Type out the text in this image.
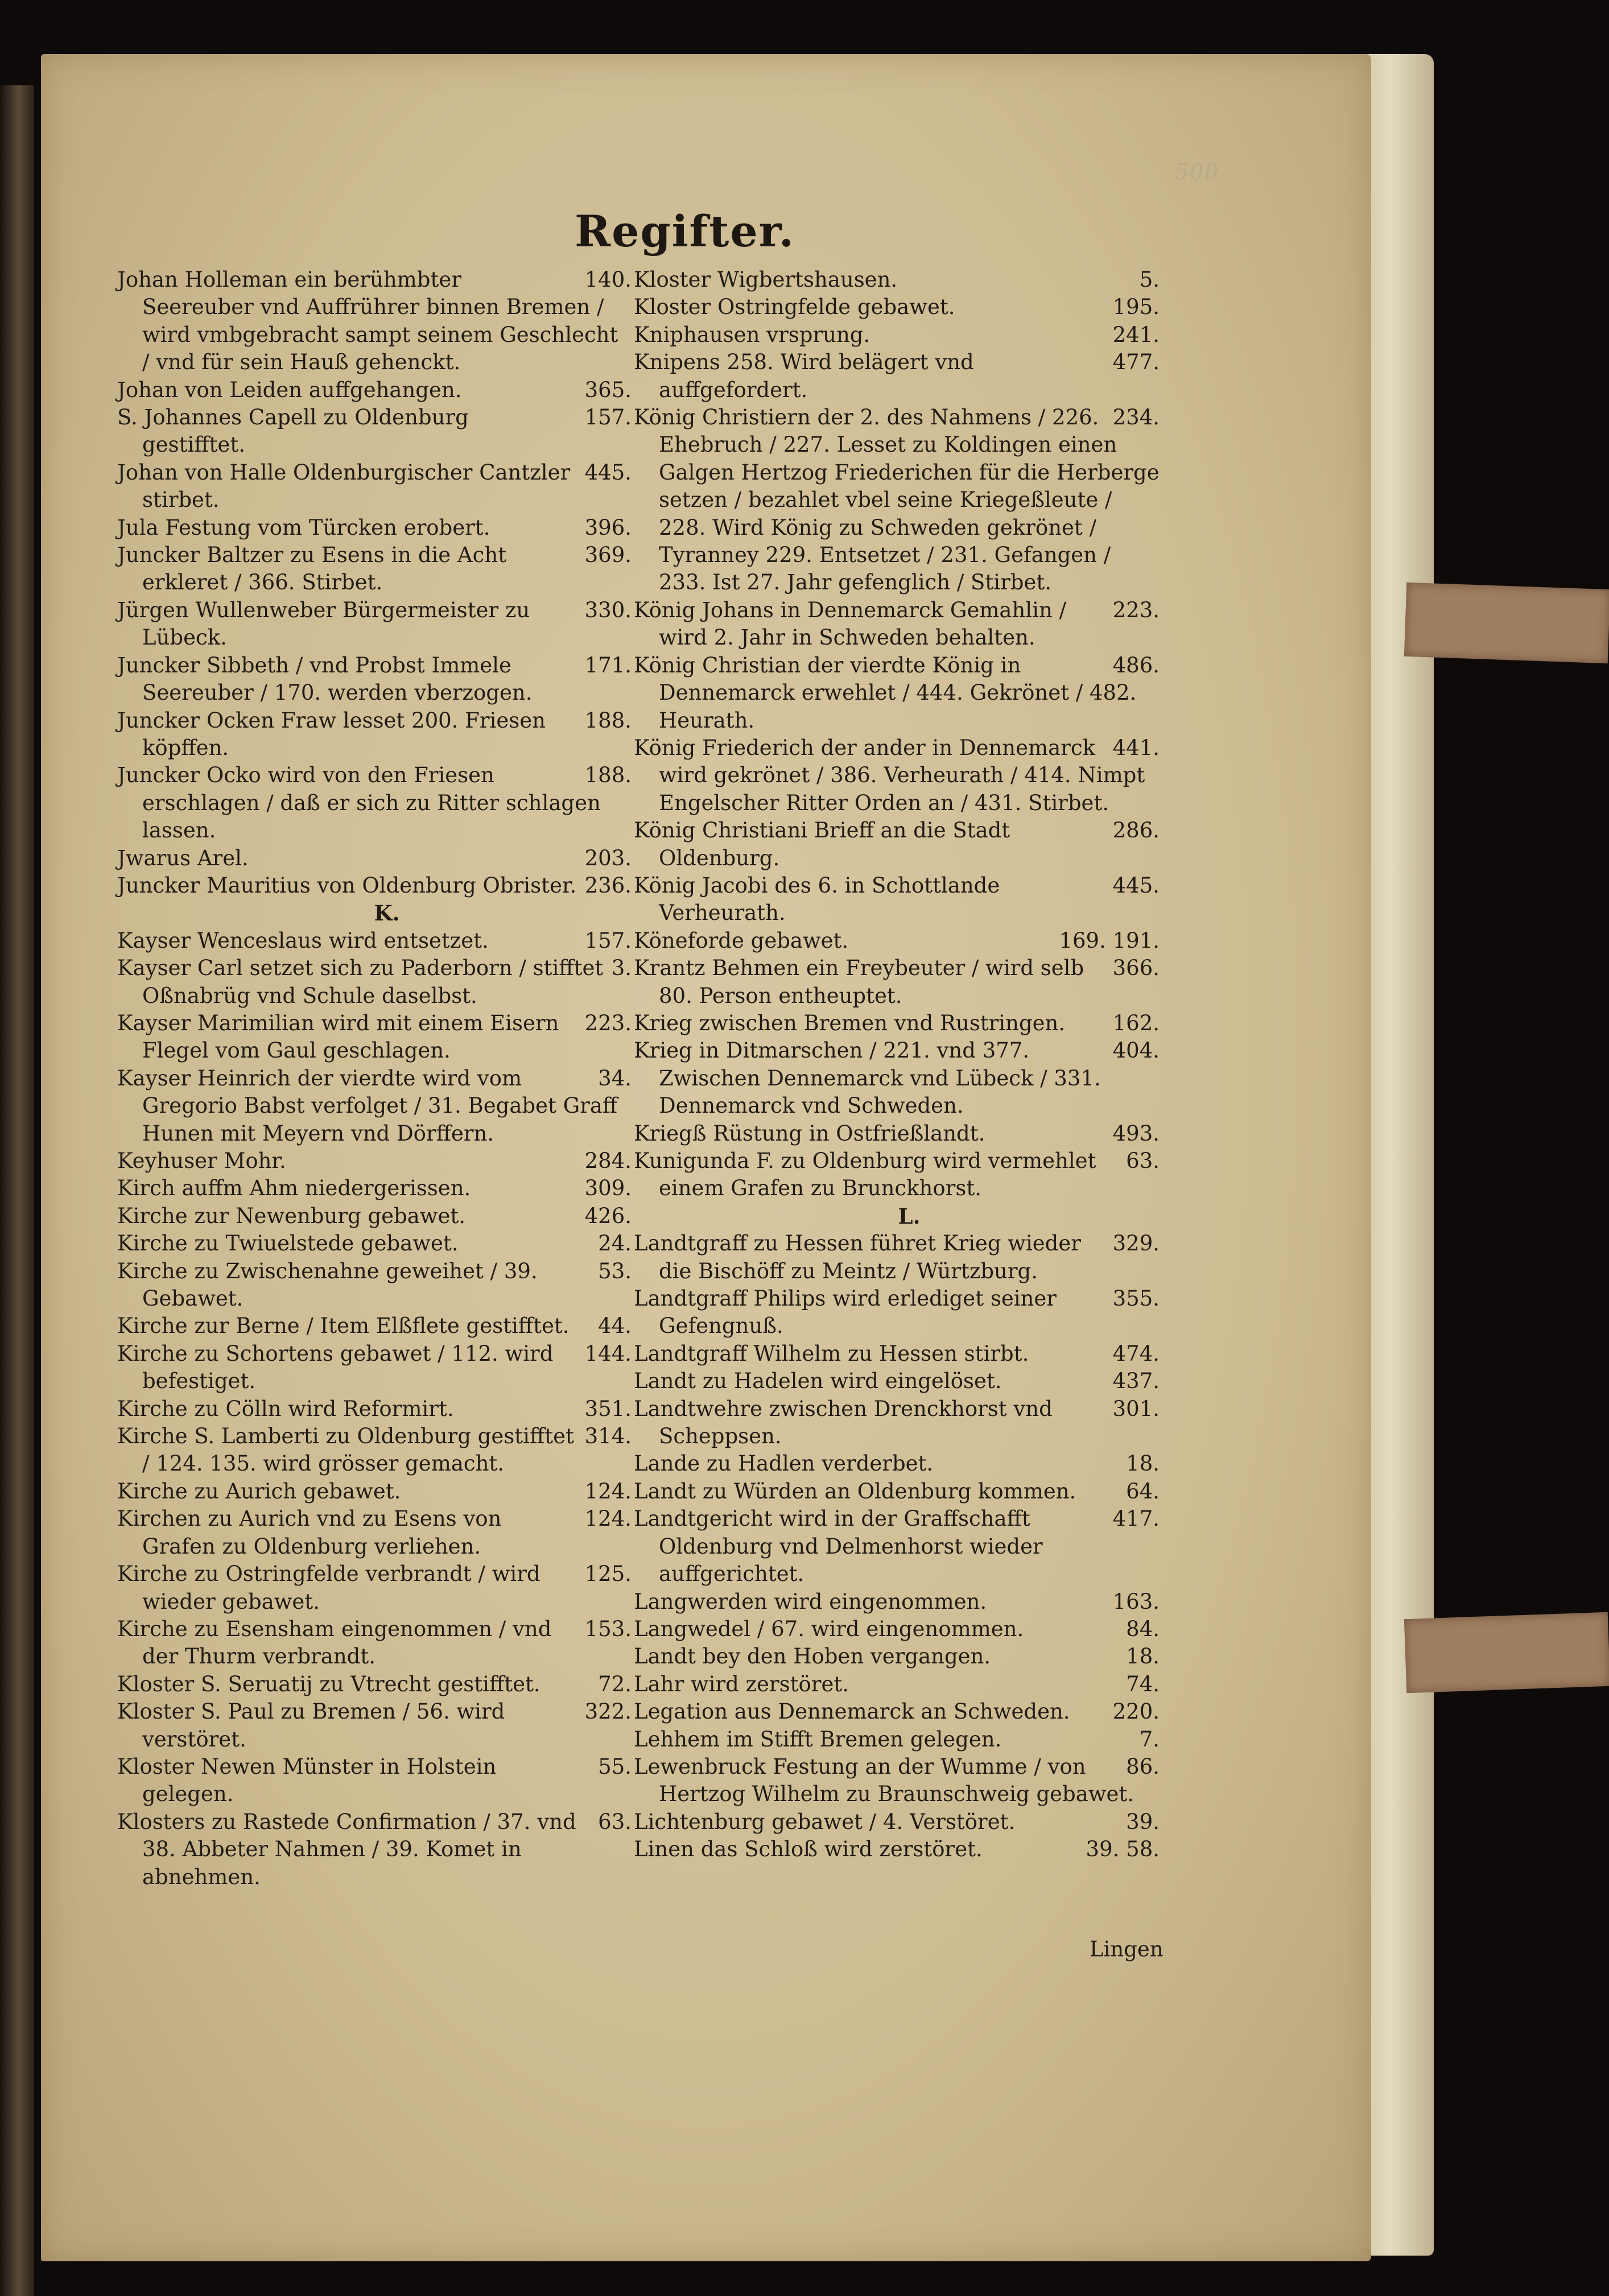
500
Regifter.
140.
Johan Holleman ein berühmbter Seereuber vnd Auffrührer binnen Bremen / wird vmbgebracht sampt seinem Geschlecht / vnd für sein Hauß gehenckt.
365.
Johan von Leiden auffgehangen.
157.
S. Johannes Capell zu Oldenburg gestifftet.
445.
Johan von Halle Oldenburgischer Cantzler stirbet.
396.
Jula Festung vom Türcken erobert.
369.
Juncker Baltzer zu Esens in die Acht erkleret / 366. Stirbet.
330.
Jürgen Wullenweber Bürgermeister zu Lübeck.
171.
Juncker Sibbeth / vnd Probst Immele Seereuber / 170. werden vberzogen.
188.
Juncker Ocken Fraw lesset 200. Friesen köpffen.
188.
Juncker Ocko wird von den Friesen erschlagen / daß er sich zu Ritter schlagen lassen.
203.
Jwarus Arel.
236.
Juncker Mauritius von Oldenburg Obrister.
K.
157.
Kayser Wenceslaus wird entsetzet.
3.
Kayser Carl setzet sich zu Paderborn / stifftet Oßnabrüg vnd Schule daselbst.
223.
Kayser Marimilian wird mit einem Eisern Flegel vom Gaul geschlagen.
34.
Kayser Heinrich der vierdte wird vom Gregorio Babst verfolget / 31. Begabet Graff Hunen mit Meyern vnd Dörffern.
284.
Keyhuser Mohr.
309.
Kirch auffm Ahm niedergerissen.
426.
Kirche zur Newenburg gebawet.
24.
Kirche zu Twiuelstede gebawet.
53.
Kirche zu Zwischenahne geweihet / 39. Gebawet.
44.
Kirche zur Berne / Item Elßflete gestifftet.
144.
Kirche zu Schortens gebawet / 112. wird befestiget.
351.
Kirche zu Cölln wird Reformirt.
314.
Kirche S. Lamberti zu Oldenburg gestifftet / 124. 135. wird grösser gemacht.
124.
Kirche zu Aurich gebawet.
124.
Kirchen zu Aurich vnd zu Esens von Grafen zu Oldenburg verliehen.
125.
Kirche zu Ostringfelde verbrandt / wird wieder gebawet.
153.
Kirche zu Esensham eingenommen / vnd der Thurm verbrandt.
72.
Kloster S. Seruatij zu Vtrecht gestifftet.
322.
Kloster S. Paul zu Bremen / 56. wird verstöret.
55.
Kloster Newen Münster in Holstein gelegen.
63.
Klosters zu Rastede Confirmation / 37. vnd 38. Abbeter Nahmen / 39. Komet in abnehmen.
5.
Kloster Wigbertshausen.
195.
Kloster Ostringfelde gebawet.
241.
Kniphausen vrsprung.
477.
Knipens 258. Wird belägert vnd auffgefordert.
234.
König Christiern der 2. des Nahmens / 226. Ehebruch / 227. Lesset zu Koldingen einen Galgen Hertzog Friederichen für die Herberge setzen / bezahlet vbel seine Kriegeßleute / 228. Wird König zu Schweden gekrönet / Tyranney 229. Entsetzet / 231. Gefangen / 233. Ist 27. Jahr gefenglich / Stirbet.
223.
König Johans in Dennemarck Gemahlin / wird 2. Jahr in Schweden behalten.
486.
König Christian der vierdte König in Dennemarck erwehlet / 444. Gekrönet / 482. Heurath.
441.
König Friederich der ander in Dennemarck wird gekrönet / 386. Verheurath / 414. Nimpt Engelscher Ritter Orden an / 431. Stirbet.
286.
König Christiani Brieff an die Stadt Oldenburg.
445.
König Jacobi des 6. in Schottlande Verheurath.
169. 191.
Köneforde gebawet.
366.
Krantz Behmen ein Freybeuter / wird selb 80. Person entheuptet.
162.
Krieg zwischen Bremen vnd Rustringen.
404.
Krieg in Ditmarschen / 221. vnd 377. Zwischen Dennemarck vnd Lübeck / 331. Dennemarck vnd Schweden.
493.
Kriegß Rüstung in Ostfrießlandt.
63.
Kunigunda F. zu Oldenburg wird vermehlet einem Grafen zu Brunckhorst.
L.
329.
Landtgraff zu Hessen führet Krieg wieder die Bischöff zu Meintz / Würtzburg.
355.
Landtgraff Philips wird erlediget seiner Gefengnuß.
474.
Landtgraff Wilhelm zu Hessen stirbt.
437.
Landt zu Hadelen wird eingelöset.
301.
Landtwehre zwischen Drenckhorst vnd Scheppsen.
18.
Lande zu Hadlen verderbet.
64.
Landt zu Würden an Oldenburg kommen.
417.
Landtgericht wird in der Graffschafft Oldenburg vnd Delmenhorst wieder auffgerichtet.
163.
Langwerden wird eingenommen.
84.
Langwedel / 67. wird eingenommen.
18.
Landt bey den Hoben vergangen.
74.
Lahr wird zerstöret.
220.
Legation aus Dennemarck an Schweden.
7.
Lehhem im Stifft Bremen gelegen.
86.
Lewenbruck Festung an der Wumme / von Hertzog Wilhelm zu Braunschweig gebawet.
39.
Lichtenburg gebawet / 4. Verstöret.
39. 58.
Linen das Schloß wird zerstöret.
Lingen
